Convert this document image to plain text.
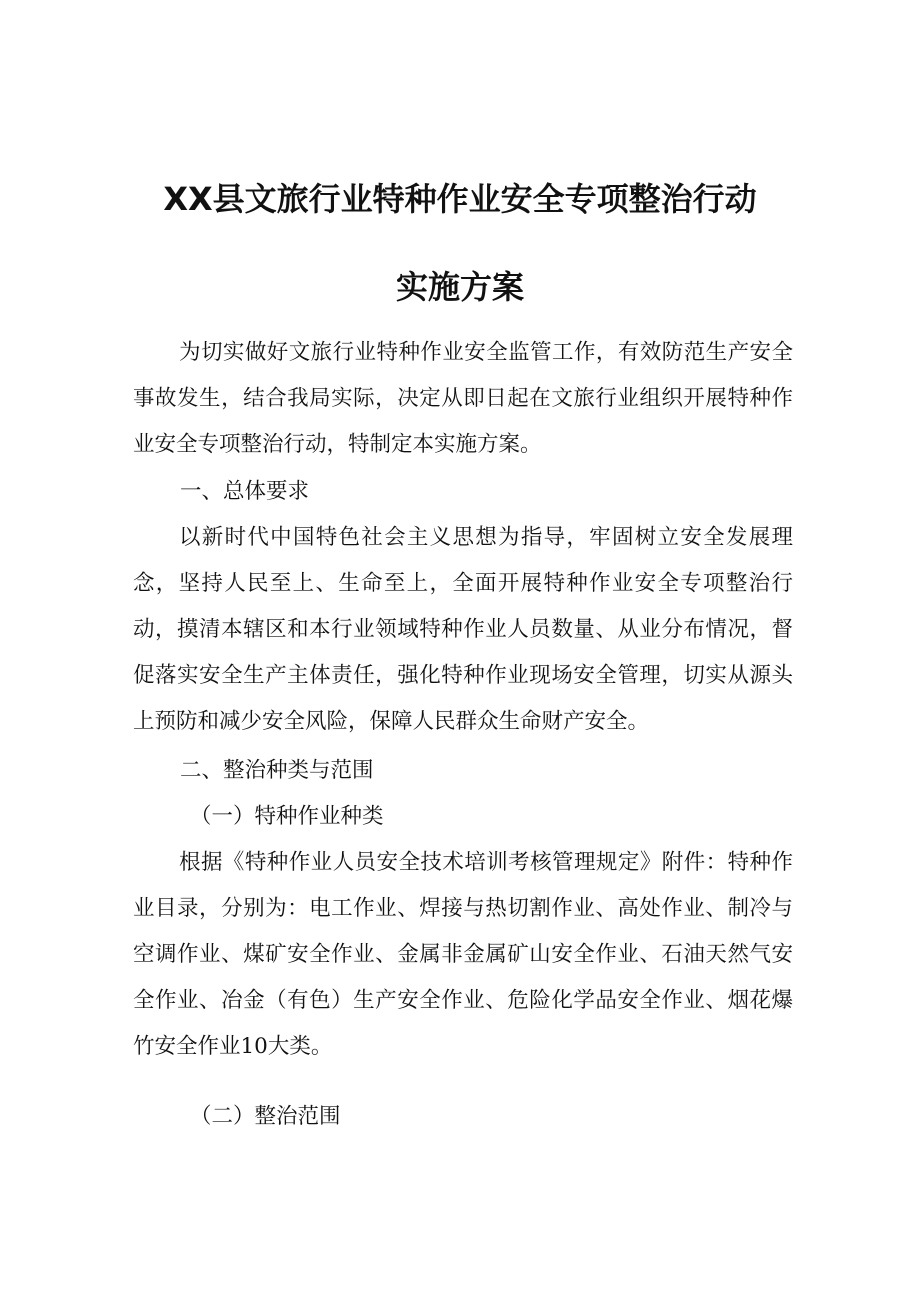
XX县文旅行业特种作业安全专项整治行动
实施方案
为切实做好文旅行业特种作业安全监管工作，有效防范生产安全事故发生，结合我局实际，决定从即日起在文旅行业组织开展特种作业安全专项整治行动，特制定本实施方案。
一、总体要求
以新时代中国特色社会主义思想为指导，牢固树立安全发展理念，坚持人民至上、生命至上，全面开展特种作业安全专项整治行动，摸清本辖区和本行业领域特种作业人员数量、从业分布情况，督促落实安全生产主体责任，强化特种作业现场安全管理，切实从源头上预防和减少安全风险，保障人民群众生命财产安全。
二、整治种类与范围
（一）特种作业种类
根据《特种作业人员安全技术培训考核管理规定》附件：特种作业目录，分别为：电工作业、焊接与热切割作业、高处作业、制冷与空调作业、煤矿安全作业、金属非金属矿山安全作业、石油天然气安全作业、冶金（有色）生产安全作业、危险化学品安全作业、烟花爆竹安全作业10大类。
（二）整治范围
